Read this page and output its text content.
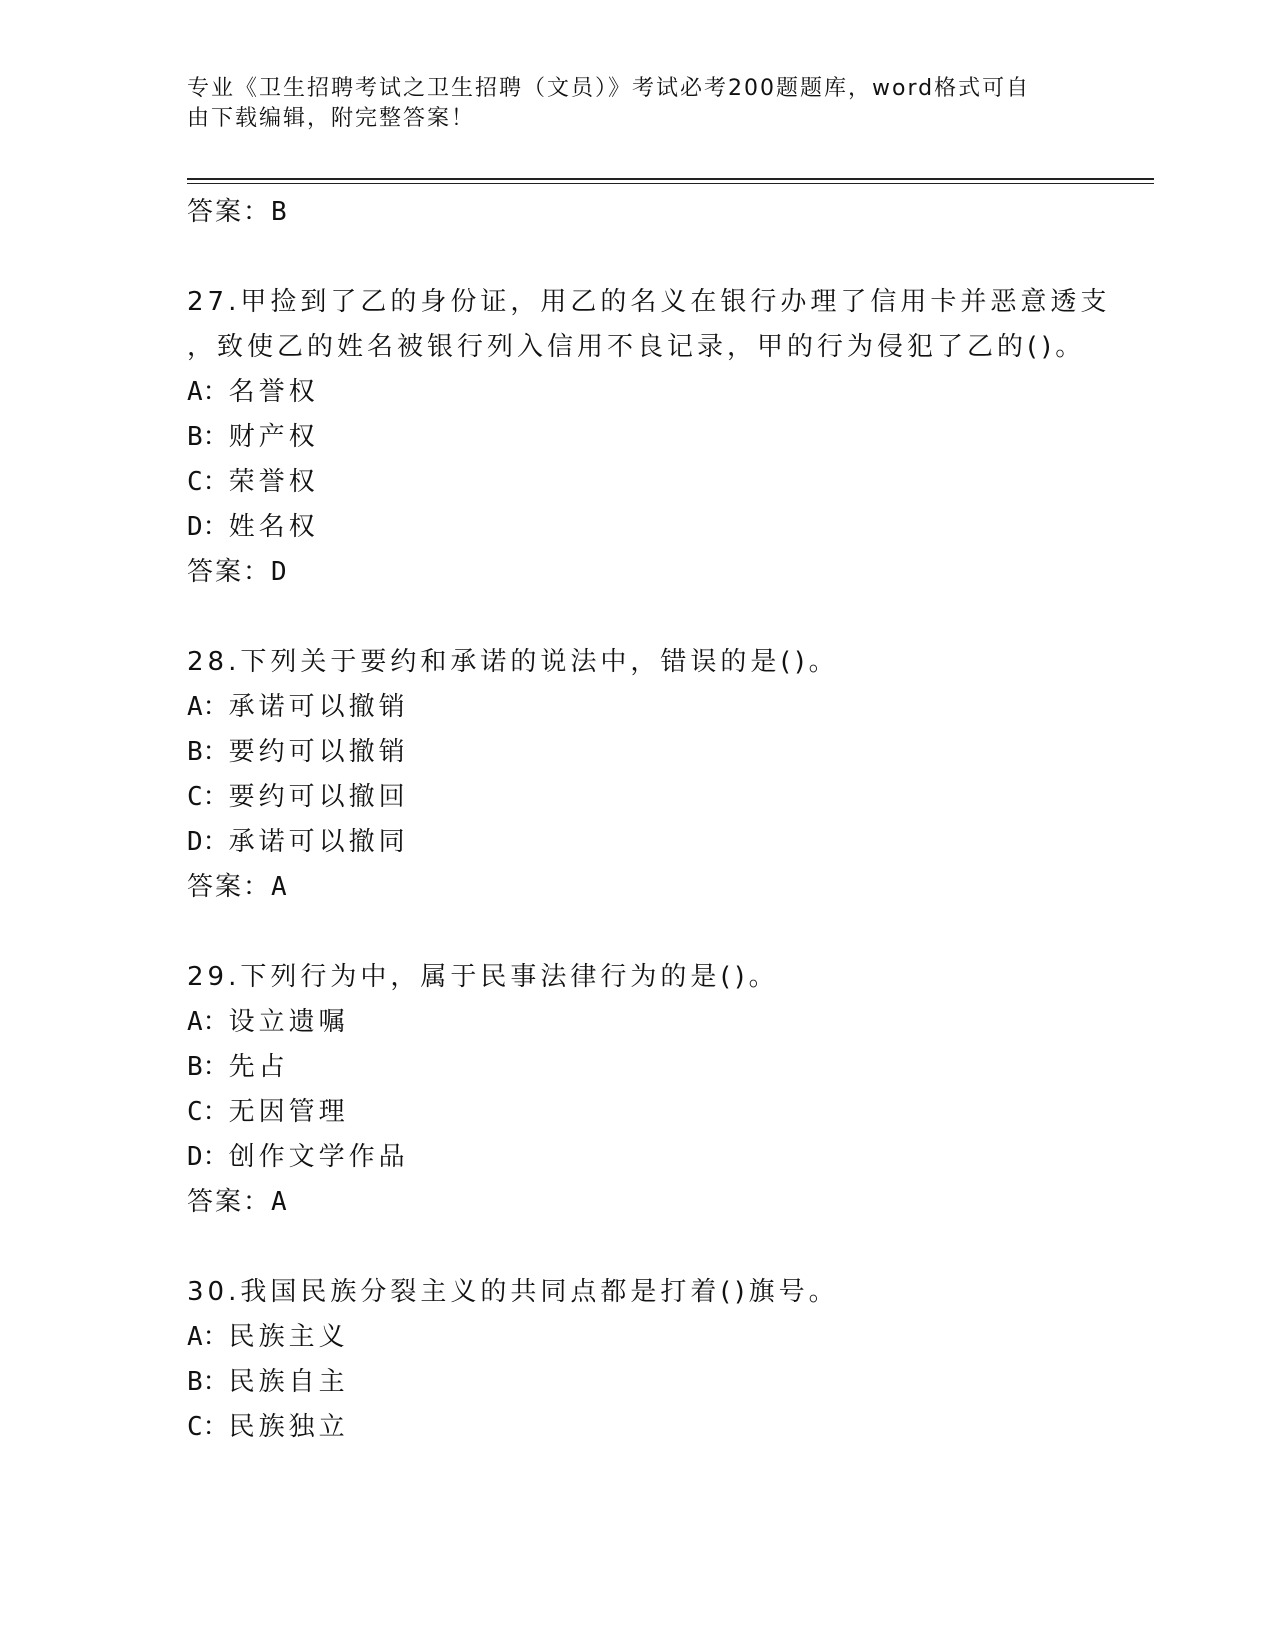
专业《卫生招聘考试之卫生招聘（文员）》考试必考200题题库，word格式可自
由下载编辑，附完整答案！
答案：B
27.甲捡到了乙的身份证，用乙的名义在银行办理了信用卡并恶意透支
，致使乙的姓名被银行列入信用不良记录，甲的行为侵犯了乙的()。
A：名誉权
B：财产权
C：荣誉权
D：姓名权
答案：D
28.下列关于要约和承诺的说法中，错误的是()。
A：承诺可以撤销
B：要约可以撤销
C：要约可以撤回
D：承诺可以撤同
答案：A
29.下列行为中，属于民事法律行为的是()。
A：设立遗嘱
B：先占
C：无因管理
D：创作文学作品
答案：A
30.我国民族分裂主义的共同点都是打着()旗号。
A：民族主义
B：民族自主
C：民族独立
